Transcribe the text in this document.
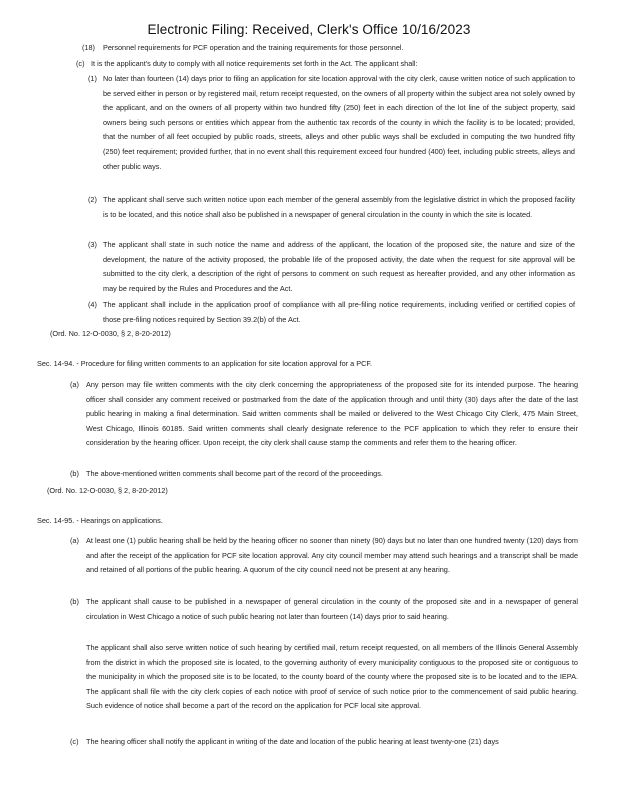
Electronic Filing: Received, Clerk's Office 10/16/2023
(18) Personnel requirements for PCF operation and the training requirements for those personnel.
(c) It is the applicant's duty to comply with all notice requirements set forth in the Act. The applicant shall:
(1) No later than fourteen (14) days prior to filing an application for site location approval with the city clerk, cause written notice of such application to be served either in person or by registered mail, return receipt requested, on the owners of all property within the subject area not solely owned by the applicant, and on the owners of all property within two hundred fifty (250) feet in each direction of the lot line of the subject property, said owners being such persons or entities which appear from the authentic tax records of the county in which the facility is to be located; provided, that the number of all feet occupied by public roads, streets, alleys and other public ways shall be excluded in computing the two hundred fifty (250) feet requirement; provided further, that in no event shall this requirement exceed four hundred (400) feet, including public streets, alleys and other public ways.
(2) The applicant shall serve such written notice upon each member of the general assembly from the legislative district in which the proposed facility is to be located, and this notice shall also be published in a newspaper of general circulation in the county in which the site is located.
(3) The applicant shall state in such notice the name and address of the applicant, the location of the proposed site, the nature and size of the development, the nature of the activity proposed, the probable life of the proposed activity, the date when the request for site approval will be submitted to the city clerk, a description of the right of persons to comment on such request as hereafter provided, and any other information as may be required by the Rules and Procedures and the Act.
(4) The applicant shall include in the application proof of compliance with all pre-filing notice requirements, including verified or certified copies of those pre-filing notices required by Section 39.2(b) of the Act.
(Ord. No. 12-O-0030, § 2, 8-20-2012)
Sec. 14-94. - Procedure for filing written comments to an application for site location approval for a PCF.
(a) Any person may file written comments with the city clerk concerning the appropriateness of the proposed site for its intended purpose. The hearing officer shall consider any comment received or postmarked from the date of the application through and until thirty (30) days after the date of the last public hearing in making a final determination. Said written comments shall be mailed or delivered to the West Chicago City Clerk, 475 Main Street, West Chicago, Illinois 60185. Said written comments shall clearly designate reference to the PCF application to which they refer to ensure their consideration by the hearing officer. Upon receipt, the city clerk shall cause stamp the comments and refer them to the hearing officer.
(b) The above-mentioned written comments shall become part of the record of the proceedings.
(Ord. No. 12-O-0030, § 2, 8-20-2012)
Sec. 14-95. - Hearings on applications.
(a) At least one (1) public hearing shall be held by the hearing officer no sooner than ninety (90) days but no later than one hundred twenty (120) days from and after the receipt of the application for PCF site location approval. Any city council member may attend such hearings and a transcript shall be made and retained of all portions of the public hearing. A quorum of the city council need not be present at any hearing.
(b) The applicant shall cause to be published in a newspaper of general circulation in the county of the proposed site and in a newspaper of general circulation in West Chicago a notice of such public hearing not later than fourteen (14) days prior to said hearing.
The applicant shall also serve written notice of such hearing by certified mail, return receipt requested, on all members of the Illinois General Assembly from the district in which the proposed site is located, to the governing authority of every municipality contiguous to the proposed site or contiguous to the municipality in which the proposed site is to be located, to the county board of the county where the proposed site is to be located and to the IEPA. The applicant shall file with the city clerk copies of each notice with proof of service of such notice prior to the commencement of said public hearing. Such evidence of notice shall become a part of the record on the application for PCF local site approval.
(c) The hearing officer shall notify the applicant in writing of the date and location of the public hearing at least twenty-one (21) days
